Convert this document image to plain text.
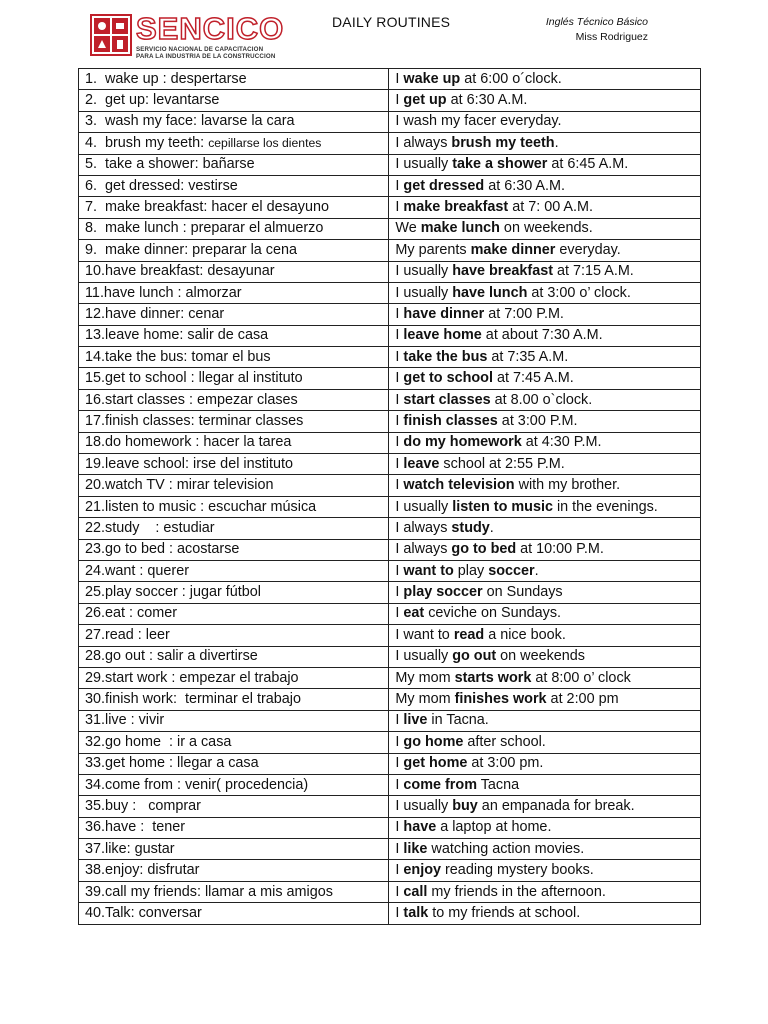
SENCICO
SERVICIO NACIONAL DE CAPACITACION
PARA LA INDUSTRIA DE LA CONSTRUCCION
DAILY ROUTINES	Inglés Técnico Básico
Miss Rodriguez
1.  wake up : despertarse	I wake up at 6:00 o´clock.
2.  get up: levantarse	I get up at 6:30 A.M.
3.  wash my face: lavarse la cara	I wash my facer everyday.
4.  brush my teeth: cepillarse los dientes	I always brush my teeth.
5.  take a shower: bañarse	I usually take a shower at 6:45 A.M.
6.  get dressed: vestirse	I get dressed at 6:30 A.M.
7.  make breakfast: hacer el desayuno	I make breakfast at 7: 00 A.M.
8.  make lunch : preparar el almuerzo	We make lunch on weekends.
9.  make dinner: preparar la cena	My parents make dinner everyday.
10.have breakfast: desayunar	I usually have breakfast at 7:15 A.M.
11.have lunch : almorzar	I usually have lunch at 3:00 o’ clock.
12.have dinner: cenar	I have dinner at 7:00 P.M.
13.leave home: salir de casa	I leave home at about 7:30 A.M.
14.take the bus: tomar el bus	I take the bus at 7:35 A.M.
15.get to school : llegar al instituto	I get to school at 7:45 A.M.
16.start classes : empezar clases	I start classes at 8.00 o`clock.
17.finish classes: terminar classes	I finish classes at 3:00 P.M.
18.do homework : hacer la tarea	I do my homework at 4:30 P.M.
19.leave school: irse del instituto	I leave school at 2:55 P.M.
20.watch TV : mirar television	I watch television with my brother.
21.listen to music : escuchar música	I usually listen to music in the evenings.
22.study    : estudiar	I always study.
23.go to bed : acostarse	I always go to bed at 10:00 P.M.
24.want : querer	I want to play soccer.
25.play soccer : jugar fútbol	I play soccer on Sundays
26.eat : comer	I eat ceviche on Sundays.
27.read : leer	I want to read a nice book.
28.go out : salir a divertirse	I usually go out on weekends
29.start work : empezar el trabajo	My mom starts work at 8:00 o’ clock
30.finish work:  terminar el trabajo	My mom finishes work at 2:00 pm
31.live : vivir	I live in Tacna.
32.go home  : ir a casa	I go home after school.
33.get home : llegar a casa	I get home at 3:00 pm.
34.come from : venir( procedencia)	I come from Tacna
35.buy :   comprar	I usually buy an empanada for break.
36.have :  tener	I have a laptop at home.
37.like: gustar	I like watching action movies.
38.enjoy: disfrutar	I enjoy reading mystery books.
39.call my friends: llamar a mis amigos	I call my friends in the afternoon.
40.Talk: conversar	I talk to my friends at school.
